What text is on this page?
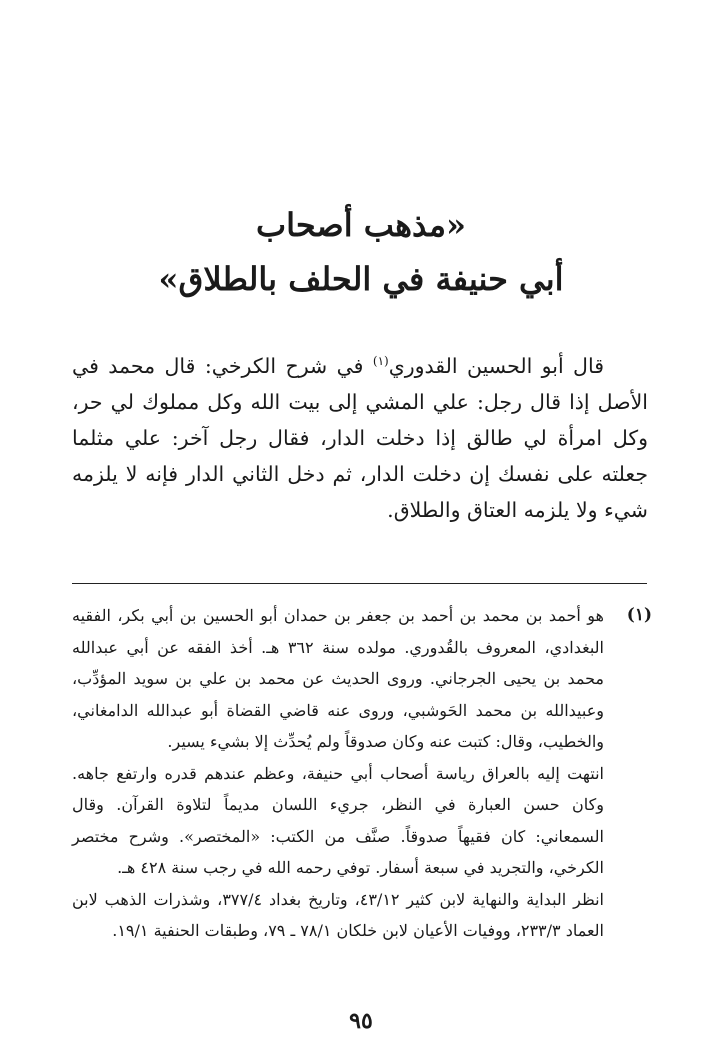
«مذهب أصحاب
أبي حنيفة في الحلف بالطلاق»

قال أبو الحسين القدوري$^{(١)}$ في شرح الكرخي: قال محمد في الأصل إذا قال رجل: علي المشي إلى بيت الله وكل مملوك لي حر، وكل امرأة لي طالق إذا دخلت الدار، فقال رجل آخر: علي مثلما جعلته على نفسك إن دخلت الدار، ثم دخل الثاني الدار فإنه لا يلزمه شيء ولا يلزمه العتاق والطلاق.

(١)

هو أحمد بن محمد بن أحمد بن جعفر بن حمدان أبو الحسين بن أبي بكر، الفقيه البغدادي، المعروف بالقُدوري. مولده سنة ٣٦٢ هـ. أخذ الفقه عن أبي عبدالله محمد بن يحيى الجرجاني. وروى الحديث عن محمد بن علي بن سويد المؤدِّب، وعبيدالله بن محمد الحَوشبي، وروى عنه قاضي القضاة أبو عبدالله الدامغاني، والخطيب، وقال: كتبت عنه وكان صدوقاً ولم يُحدِّث إلا بشيء يسير.

انتهت إليه بالعراق رياسة أصحاب أبي حنيفة، وعظم عندهم قدره وارتفع جاهه. وكان حسن العبارة في النظر، جريء اللسان مديماً لتلاوة القرآن. وقال السمعاني: كان فقيهاً صدوقاً. صنَّف من الكتب: «المختصر». وشرح مختصر الكرخي، والتجريد في سبعة أسفار. توفي رحمه الله في رجب سنة ٤٢٨ هـ.

انظر البداية والنهاية لابن كثير ٤٣/١٢، وتاريخ بغداد ٣٧٧/٤، وشذرات الذهب لابن العماد ٢٣٣/٣، ووفيات الأعيان لابن خلكان ٧٨/١ ـ ٧٩، وطبقات الحنفية ١٩/١.

٩٥
